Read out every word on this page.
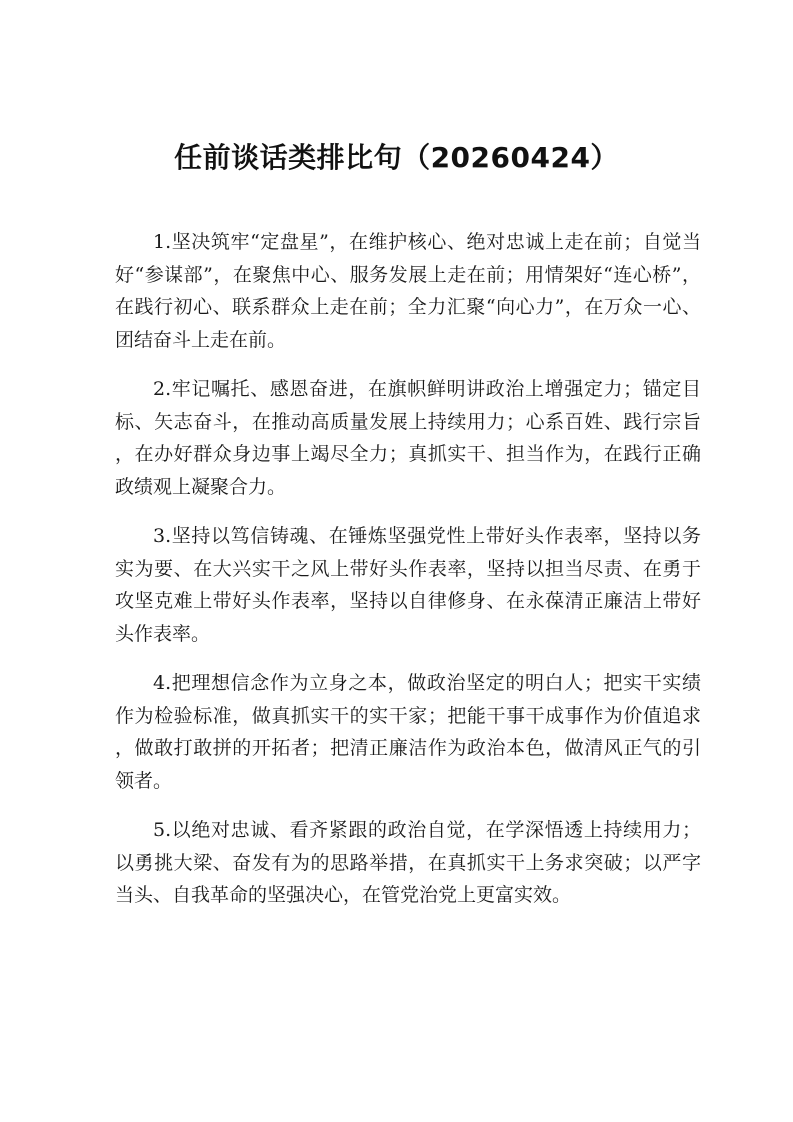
任前谈话类排比句（20260424）

1.坚决筑牢“定盘星”，在维护核心、绝对忠诚上走在前；自觉当好“参谋部”，在聚焦中心、服务发展上走在前；用情架好“连心桥”，在践行初心、联系群众上走在前；全力汇聚“向心力”，在万众一心、团结奋斗上走在前。

2.牢记嘱托、感恩奋进，在旗帜鲜明讲政治上增强定力；锚定目标、矢志奋斗，在推动高质量发展上持续用力；心系百姓、践行宗旨，在办好群众身边事上竭尽全力；真抓实干、担当作为，在践行正确政绩观上凝聚合力。

3.坚持以笃信铸魂、在锤炼坚强党性上带好头作表率，坚持以务实为要、在大兴实干之风上带好头作表率，坚持以担当尽责、在勇于攻坚克难上带好头作表率，坚持以自律修身、在永葆清正廉洁上带好头作表率。

4.把理想信念作为立身之本，做政治坚定的明白人；把实干实绩作为检验标准，做真抓实干的实干家；把能干事干成事作为价值追求，做敢打敢拼的开拓者；把清正廉洁作为政治本色，做清风正气的引领者。

5.以绝对忠诚、看齐紧跟的政治自觉，在学深悟透上持续用力；以勇挑大梁、奋发有为的思路举措，在真抓实干上务求突破；以严字当头、自我革命的坚强决心，在管党治党上更富实效。
